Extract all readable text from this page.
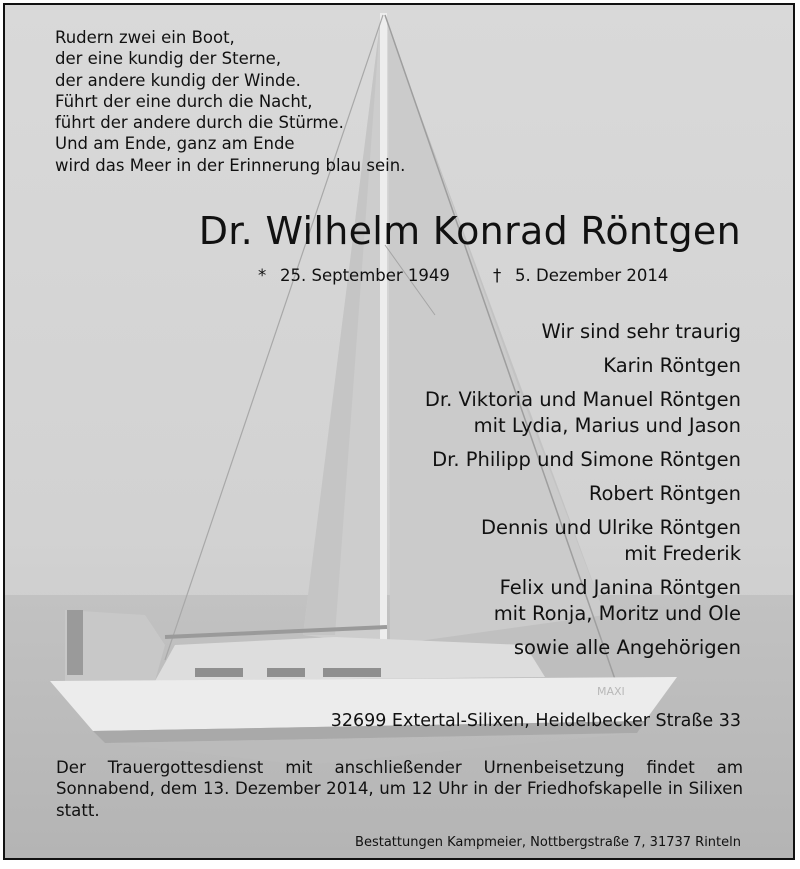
MAXI
Rudern zwei ein Boot,
der eine kundig der Sterne,
der andere kundig der Winde.
Führt der eine durch die Nacht,
führt der andere durch die Stürme.
Und am Ende, ganz am Ende
wird das Meer in der Erinnerung blau sein.
Dr. Wilhelm Konrad Röntgen
* 25. September 1949	† 5. Dezember 2014
Wir sind sehr traurig
Karin Röntgen
Dr. Viktoria und Manuel Röntgen
mit Lydia, Marius und Jason
Dr. Philipp und Simone Röntgen
Robert Röntgen
Dennis und Ulrike Röntgen
mit Frederik
Felix und Janina Röntgen
mit Ronja, Moritz und Ole
sowie alle Angehörigen
32699 Extertal-Silixen, Heidelbecker Straße 33
Der Trauergottesdienst mit anschließender Urnenbeisetzung findet am Sonnabend, dem 13. Dezember 2014, um 12 Uhr in der Friedhofskapelle in Silixen statt.
Bestattungen Kampmeier, Nottbergstraße 7, 31737 Rinteln
